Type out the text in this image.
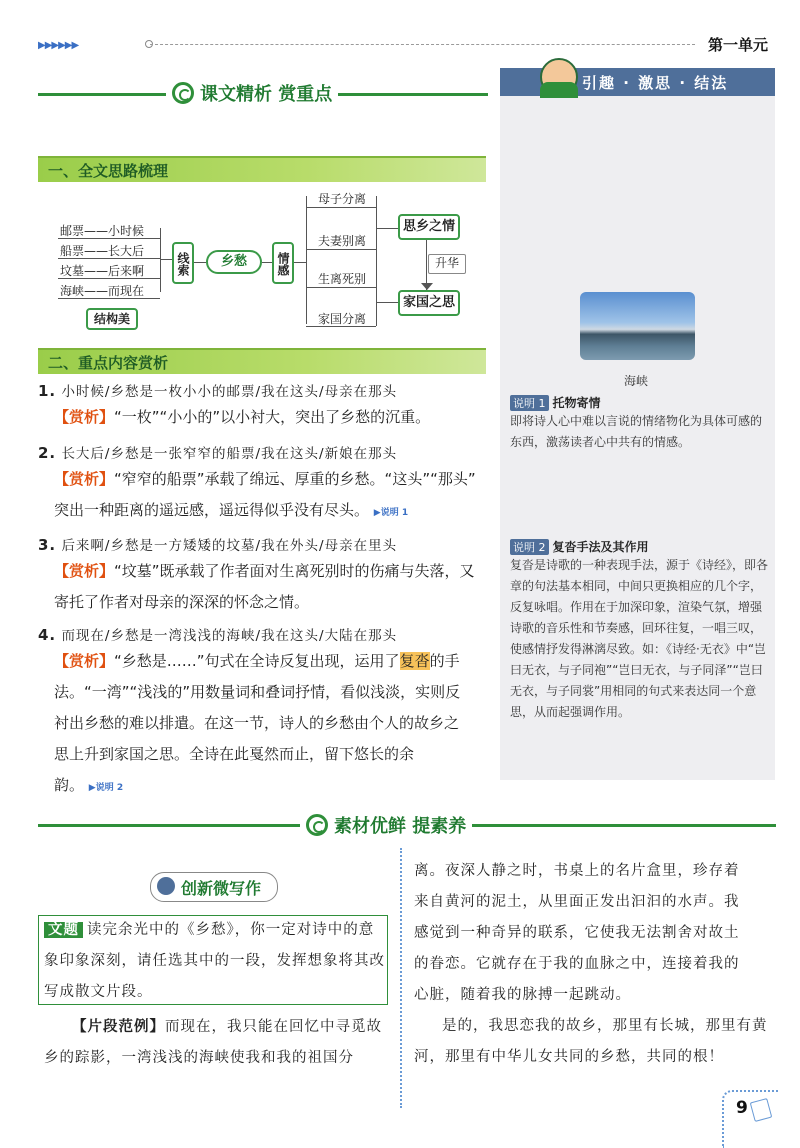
▶▶▶▶▶▶	第一单元
课文精析 赏重点
引趣 · 激思 · 结法
海峡
说明 1 托物寄情
即将诗人心中难以言说的情绪物化为具体可感的东西，激荡读者心中共有的情感。
说明 2 复沓手法及其作用
复沓是诗歌的一种表现手法，源于《诗经》，即各章的句法基本相同，中间只更换相应的几个字，反复咏唱。作用在于加深印象，渲染气氛，增强诗歌的音乐性和节奏感，回环往复，一唱三叹，使感情抒发得淋漓尽致。如：《诗经·无衣》中“岂曰无衣，与子同袍”“岂曰无衣，与子同泽”“岂曰无衣，与子同裳”用相同的句式来表达同一个意思，从而起强调作用。
一、全文思路梳理
邮票——小时候
船票——长大后
坟墓——后来啊
海峡——而现在
结构美
线索	乡愁	情感
母子分离
夫妻别离
生离死别
家国分离
思乡之情
家国之思
升华
二、重点内容赏析
1. 小时候/乡愁是一枚小小的邮票/我在这头/母亲在那头
【赏析】“一枚”“小小的”以小衬大，突出了乡愁的沉重。
2. 长大后/乡愁是一张窄窄的船票/我在这头/新娘在那头
【赏析】“窄窄的船票”承载了绵远、厚重的乡愁。“这头”“那头”
突出一种距离的遥远感，遥远得似乎没有尽头。 ▶说明 1
3. 后来啊/乡愁是一方矮矮的坟墓/我在外头/母亲在里头
【赏析】“坟墓”既承载了作者面对生离死别时的伤痛与失落，又
寄托了作者对母亲的深深的怀念之情。
4. 而现在/乡愁是一湾浅浅的海峡/我在这头/大陆在那头
【赏析】“乡愁是……”句式在全诗反复出现，运用了复沓的手
法。“一湾”“浅浅的”用数量词和叠词抒情，看似浅淡，实则反
衬出乡愁的难以排遣。在这一节，诗人的乡愁由个人的故乡之
思上升到家国之思。全诗在此戛然而止，留下悠长的余
韵。 ▶说明 2
素材优鲜 提素养
创新微写作
文题 读完余光中的《乡愁》，你一定对诗中的意象印象深刻，请任选其中的一段，发挥想象将其改写成散文片段。
【片段范例】而现在，我只能在回忆中寻觅故
乡的踪影，一湾浅浅的海峡使我和我的祖国分
离。夜深人静之时，书桌上的名片盒里，珍存着
来自黄河的泥土，从里面正发出汩汩的水声。我
感觉到一种奇异的联系，它使我无法割舍对故土
的眷恋。它就存在于我的血脉之中，连接着我的
心脏，随着我的脉搏一起跳动。
是的，我思恋我的故乡，那里有长城，那里有黄
河，那里有中华儿女共同的乡愁，共同的根！
9
